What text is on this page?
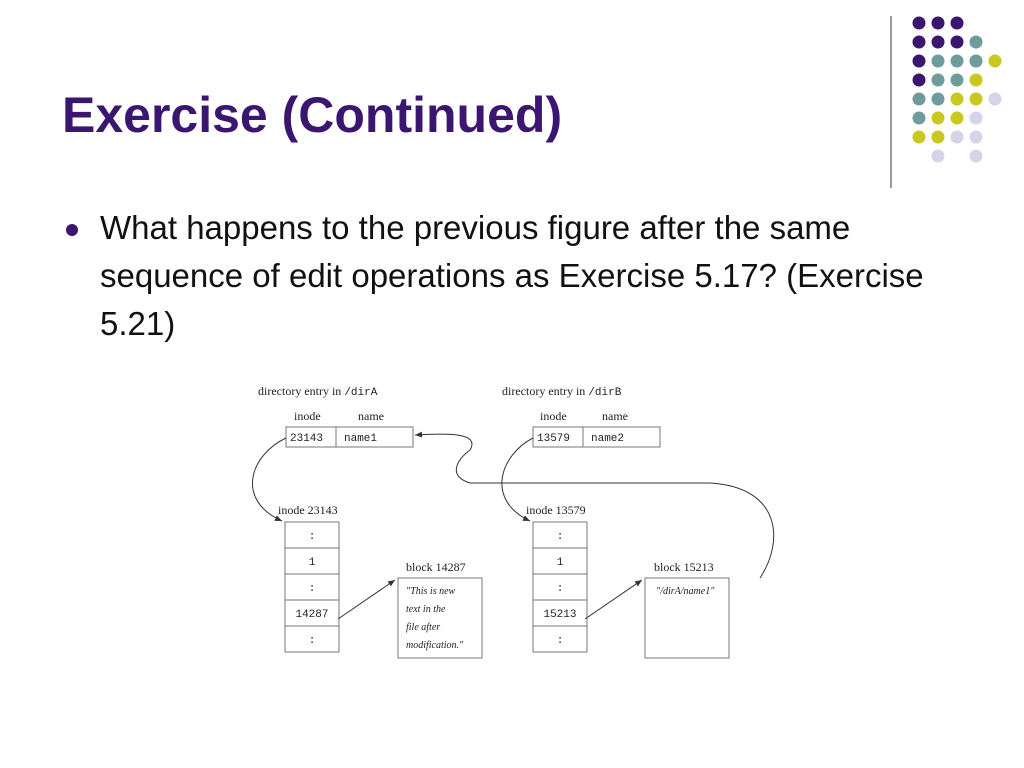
Exercise (Continued)
What happens to the previous figure after the same sequence of edit operations as Exercise 5.17? (Exercise 5.21)
directory entry in /dirA
inode	name
23143 name1
directory entry in /dirB
inode	name
13579 name2
inode 23143
:
1
:
14287
:
inode 13579
:
1
:
15213
:
block 14287
"This is new
text in the
file after
modification."
block 15213
"/dirA/name1"
